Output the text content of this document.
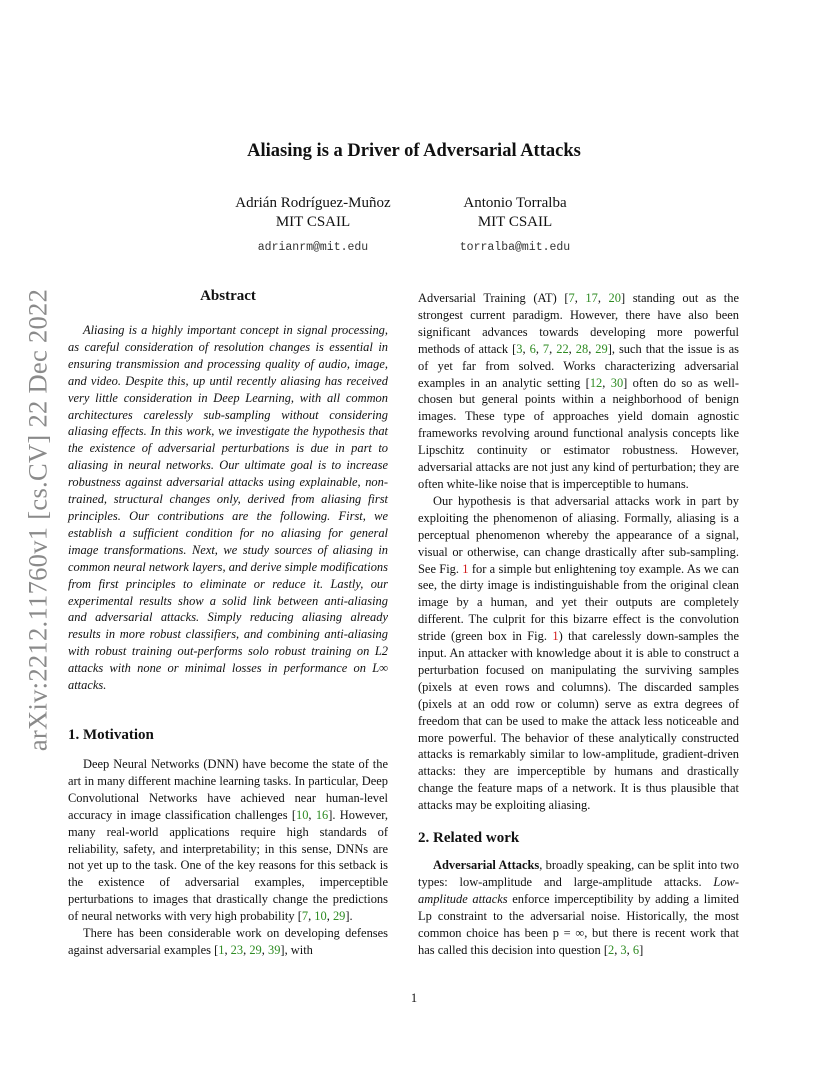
arXiv:2212.11760v1 [cs.CV] 22 Dec 2022
Aliasing is a Driver of Adversarial Attacks
Adrián Rodríguez-Muñoz
MIT CSAIL
adrianrm@mit.edu
Antonio Torralba
MIT CSAIL
torralba@mit.edu
Abstract

Aliasing is a highly important concept in signal processing, as careful consideration of resolution changes is essential in ensuring transmission and processing quality of audio, image, and video. Despite this, up until recently aliasing has received very little consideration in Deep Learning, with all common architectures carelessly sub-sampling without considering aliasing effects. In this work, we investigate the hypothesis that the existence of adversarial perturbations is due in part to aliasing in neural networks. Our ultimate goal is to increase robustness against adversarial attacks using explainable, non-trained, structural changes only, derived from aliasing first principles. Our contributions are the following. First, we establish a sufficient condition for no aliasing for general image transformations. Next, we study sources of aliasing in common neural network layers, and derive simple modifications from first principles to eliminate or reduce it. Lastly, our experimental results show a solid link between anti-aliasing and adversarial attacks. Simply reducing aliasing already results in more robust classifiers, and combining anti-aliasing with robust training out-performs solo robust training on L2 attacks with none or minimal losses in performance on L∞ attacks.

1. Motivation

Deep Neural Networks (DNN) have become the state of the art in many different machine learning tasks. In particular, Deep Convolutional Networks have achieved near human-level accuracy in image classification challenges [10, 16]. However, many real-world applications require high standards of reliability, safety, and interpretability; in this sense, DNNs are not yet up to the task. One of the key reasons for this setback is the existence of adversarial examples, imperceptible perturbations to images that drastically change the predictions of neural networks with very high probability [7, 10, 29].

There has been considerable work on developing defenses against adversarial examples [1, 23, 29, 39], with

Adversarial Training (AT) [7, 17, 20] standing out as the strongest current paradigm. However, there have also been significant advances towards developing more powerful methods of attack [3, 6, 7, 22, 28, 29], such that the issue is as of yet far from solved. Works characterizing adversarial examples in an analytic setting [12, 30] often do so as well-chosen but general points within a neighborhood of benign images. These type of approaches yield domain agnostic frameworks revolving around functional analysis concepts like Lipschitz continuity or estimator robustness. However, adversarial attacks are not just any kind of perturbation; they are often white-like noise that is imperceptible to humans.

Our hypothesis is that adversarial attacks work in part by exploiting the phenomenon of aliasing. Formally, aliasing is a perceptual phenomenon whereby the appearance of a signal, visual or otherwise, can change drastically after sub-sampling. See Fig. 1 for a simple but enlightening toy example. As we can see, the dirty image is indistinguishable from the original clean image by a human, and yet their outputs are completely different. The culprit for this bizarre effect is the convolution stride (green box in Fig. 1) that carelessly down-samples the input. An attacker with knowledge about it is able to construct a perturbation focused on manipulating the surviving samples (pixels at even rows and columns). The discarded samples (pixels at an odd row or column) serve as extra degrees of freedom that can be used to make the attack less noticeable and more powerful. The behavior of these analytically constructed attacks is remarkably similar to low-amplitude, gradient-driven attacks: they are imperceptible by humans and drastically change the feature maps of a network. It is thus plausible that attacks may be exploiting aliasing.

2. Related work

Adversarial Attacks, broadly speaking, can be split into two types: low-amplitude and large-amplitude attacks. Low-amplitude attacks enforce imperceptibility by adding a limited Lp constraint to the adversarial noise. Historically, the most common choice has been p = ∞, but there is recent work that has called this decision into question [2, 3, 6]

1
